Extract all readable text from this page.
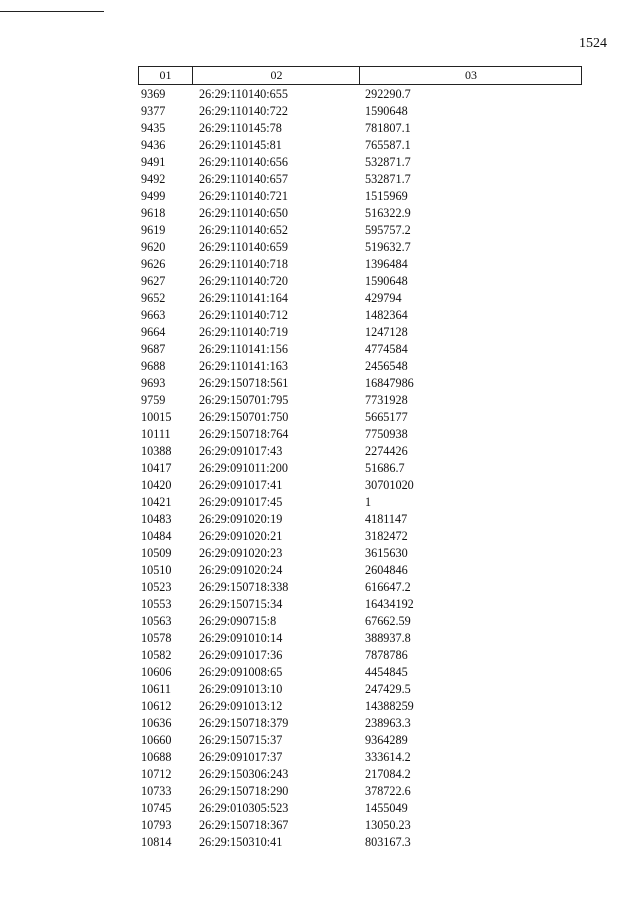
1524
01	02	03
9369	26:29:110140:655	292290.7
9377	26:29:110140:722	1590648
9435	26:29:110145:78	781807.1
9436	26:29:110145:81	765587.1
9491	26:29:110140:656	532871.7
9492	26:29:110140:657	532871.7
9499	26:29:110140:721	1515969
9618	26:29:110140:650	516322.9
9619	26:29:110140:652	595757.2
9620	26:29:110140:659	519632.7
9626	26:29:110140:718	1396484
9627	26:29:110140:720	1590648
9652	26:29:110141:164	429794
9663	26:29:110140:712	1482364
9664	26:29:110140:719	1247128
9687	26:29:110141:156	4774584
9688	26:29:110141:163	2456548
9693	26:29:150718:561	16847986
9759	26:29:150701:795	7731928
10015 26:29:150701:750	5665177
10111 26:29:150718:764	7750938
10388 26:29:091017:43	2274426
10417 26:29:091011:200	51686.7
10420 26:29:091017:41	30701020
10421 26:29:091017:45	1
10483 26:29:091020:19	4181147
10484 26:29:091020:21	3182472
10509 26:29:091020:23	3615630
10510 26:29:091020:24	2604846
10523 26:29:150718:338	616647.2
10553 26:29:150715:34	16434192
10563 26:29:090715:8	67662.59
10578 26:29:091010:14	388937.8
10582 26:29:091017:36	7878786
10606 26:29:091008:65	4454845
10611 26:29:091013:10	247429.5
10612 26:29:091013:12	14388259
10636 26:29:150718:379	238963.3
10660 26:29:150715:37	9364289
10688 26:29:091017:37	333614.2
10712 26:29:150306:243	217084.2
10733 26:29:150718:290	378722.6
10745 26:29:010305:523	1455049
10793 26:29:150718:367	13050.23
10814 26:29:150310:41	803167.3
